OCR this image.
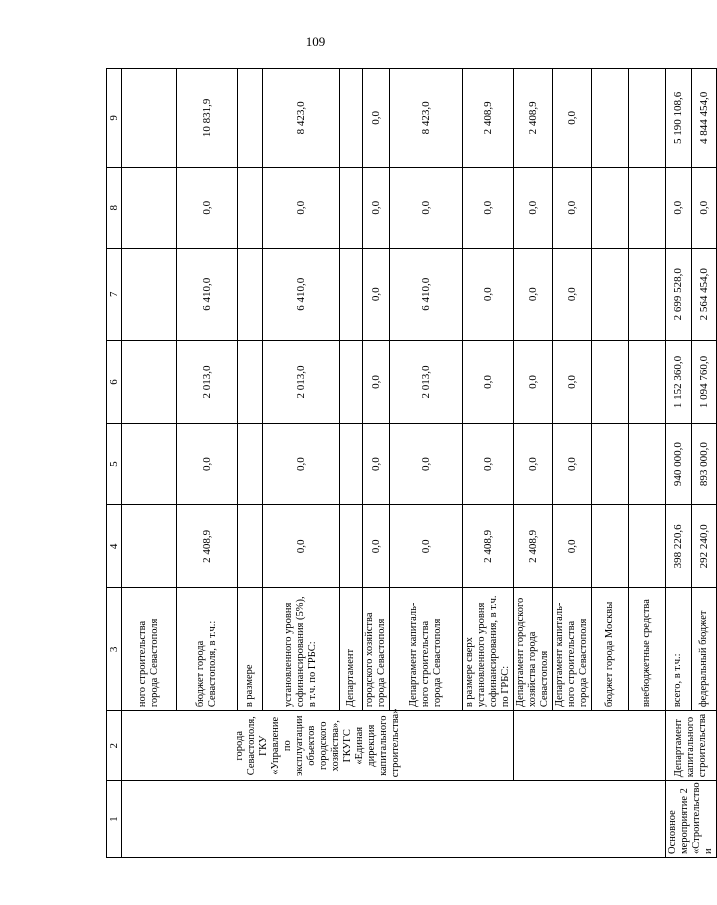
109
1	2	3	4	5	6	7	8	9
	города Севастополя, ГКУ «Управление по эксплуатации объектов городского хозяйства», ГКУГС «Единая дирекция капитального строительства»	ного строительства города Севастополя						
		бюджет города Севастополя, в т.ч.:	2 408,9	0,0	2 013,0	6 410,0	0,0	10 831,9
		в размере						
		установленного уровня софинансирования (5%), в т.ч. по ГРБС:	0,0	0,0	2 013,0	6 410,0	0,0	8 423,0
		Департамент						
		городского хозяйства города Севастополя	0,0	0,0	0,0	0,0	0,0	0,0
		Департамент капиталь-ного строительства города Севастополя	0,0	0,0	2 013,0	6 410,0	0,0	8 423,0
		в размере сверх установленного уровня софинансирования, в т.ч. по ГРБС:	2 408,9	0,0	0,0	0,0	0,0	2 408,9
		Департамент городского хозяйства города Севастополя	2 408,9	0,0	0,0	0,0	0,0	2 408,9
		Департамент капиталь-ного строительства города Севастополя	0,0	0,0	0,0	0,0	0,0	0,0
		бюджет города Москвы						
		внебюджетные средства						
Основное мероприятие 2 «Строительство и	Департамент капитального строительства	всего, в т.ч.:	398 220,6	940 000,0	1 152 360,0	2 699 528,0	0,0	5 190 108,6
		федеральный бюджет	292 240,0	893 000,0	1 094 760,0	2 564 454,0	0,0	4 844 454,0
